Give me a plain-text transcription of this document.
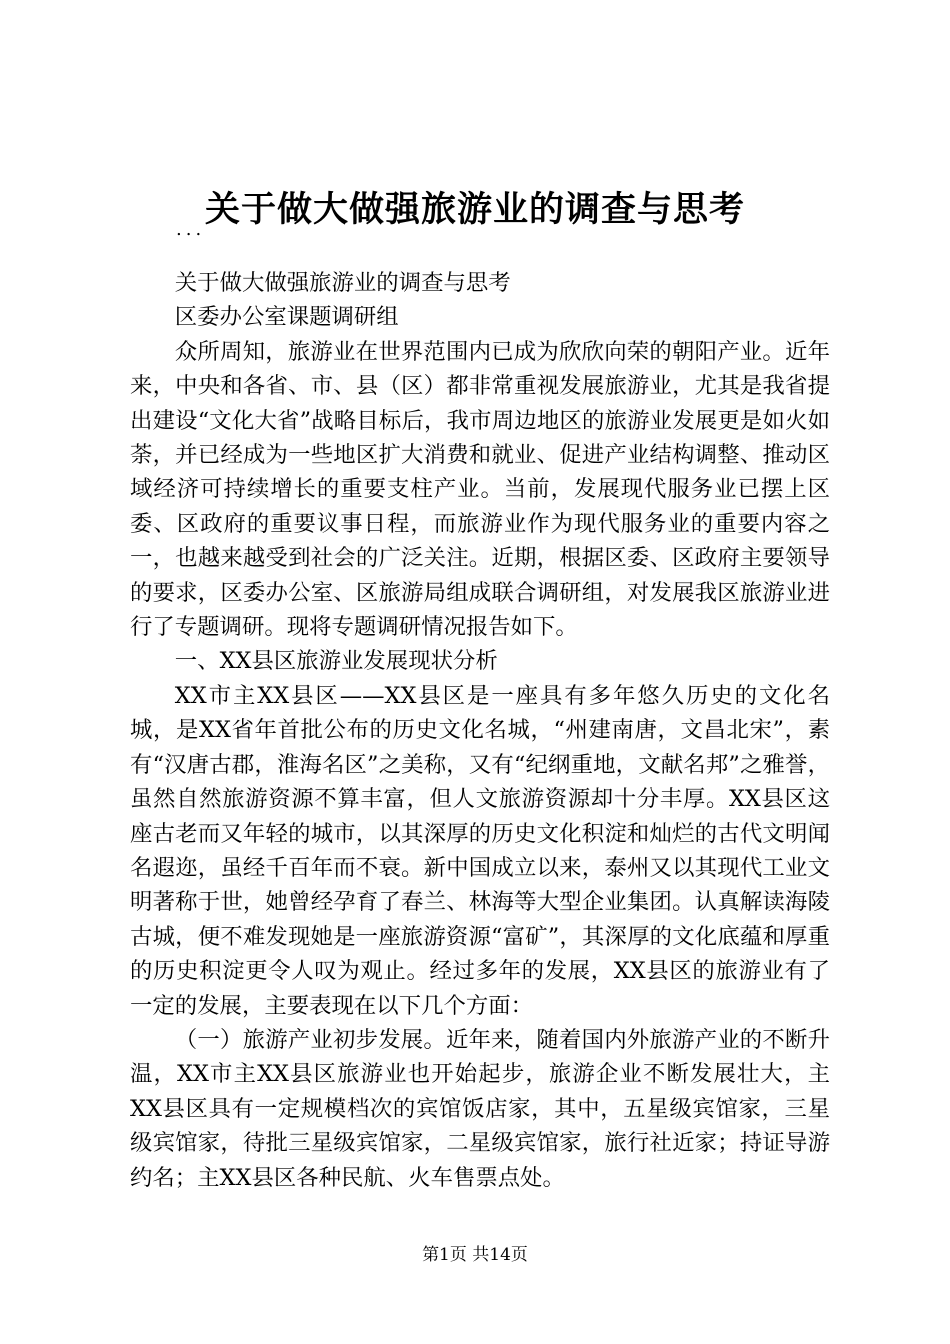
关于做大做强旅游业的调查与思考
...

关于做大做强旅游业的调查与思考

区委办公室课题调研组

众所周知，旅游业在世界范围内已成为欣欣向荣的朝阳产业。近年来，中央和各省、市、县（区）都非常重视发展旅游业，尤其是我省提出建设“文化大省”战略目标后，我市周边地区的旅游业发展更是如火如荼，并已经成为一些地区扩大消费和就业、促进产业结构调整、推动区域经济可持续增长的重要支柱产业。当前，发展现代服务业已摆上区委、区政府的重要议事日程，而旅游业作为现代服务业的重要内容之一，也越来越受到社会的广泛关注。近期，根据区委、区政府主要领导的要求，区委办公室、区旅游局组成联合调研组，对发展我区旅游业进行了专题调研。现将专题调研情况报告如下。

一、XX县区旅游业发展现状分析

XX市主XX县区——XX县区是一座具有多年悠久历史的文化名城，是XX省年首批公布的历史文化名城，“州建南唐，文昌北宋”，素有“汉唐古郡，淮海名区”之美称，又有“纪纲重地，文献名邦”之雅誉，虽然自然旅游资源不算丰富，但人文旅游资源却十分丰厚。XX县区这座古老而又年轻的城市，以其深厚的历史文化积淀和灿烂的古代文明闻名遐迩，虽经千百年而不衰。新中国成立以来，泰州又以其现代工业文明著称于世，她曾经孕育了春兰、林海等大型企业集团。认真解读海陵古城，便不难发现她是一座旅游资源“富矿”，其深厚的文化底蕴和厚重的历史积淀更令人叹为观止。经过多年的发展，XX县区的旅游业有了一定的发展，主要表现在以下几个方面：

（一）旅游产业初步发展。近年来，随着国内外旅游产业的不断升温，XX市主XX县区旅游业也开始起步，旅游企业不断发展壮大，主XX县区具有一定规模档次的宾馆饭店家，其中，五星级宾馆家，三星级宾馆家，待批三星级宾馆家，二星级宾馆家，旅行社近家；持证导游约名；主XX县区各种民航、火车售票点处。

第1页 共14页
